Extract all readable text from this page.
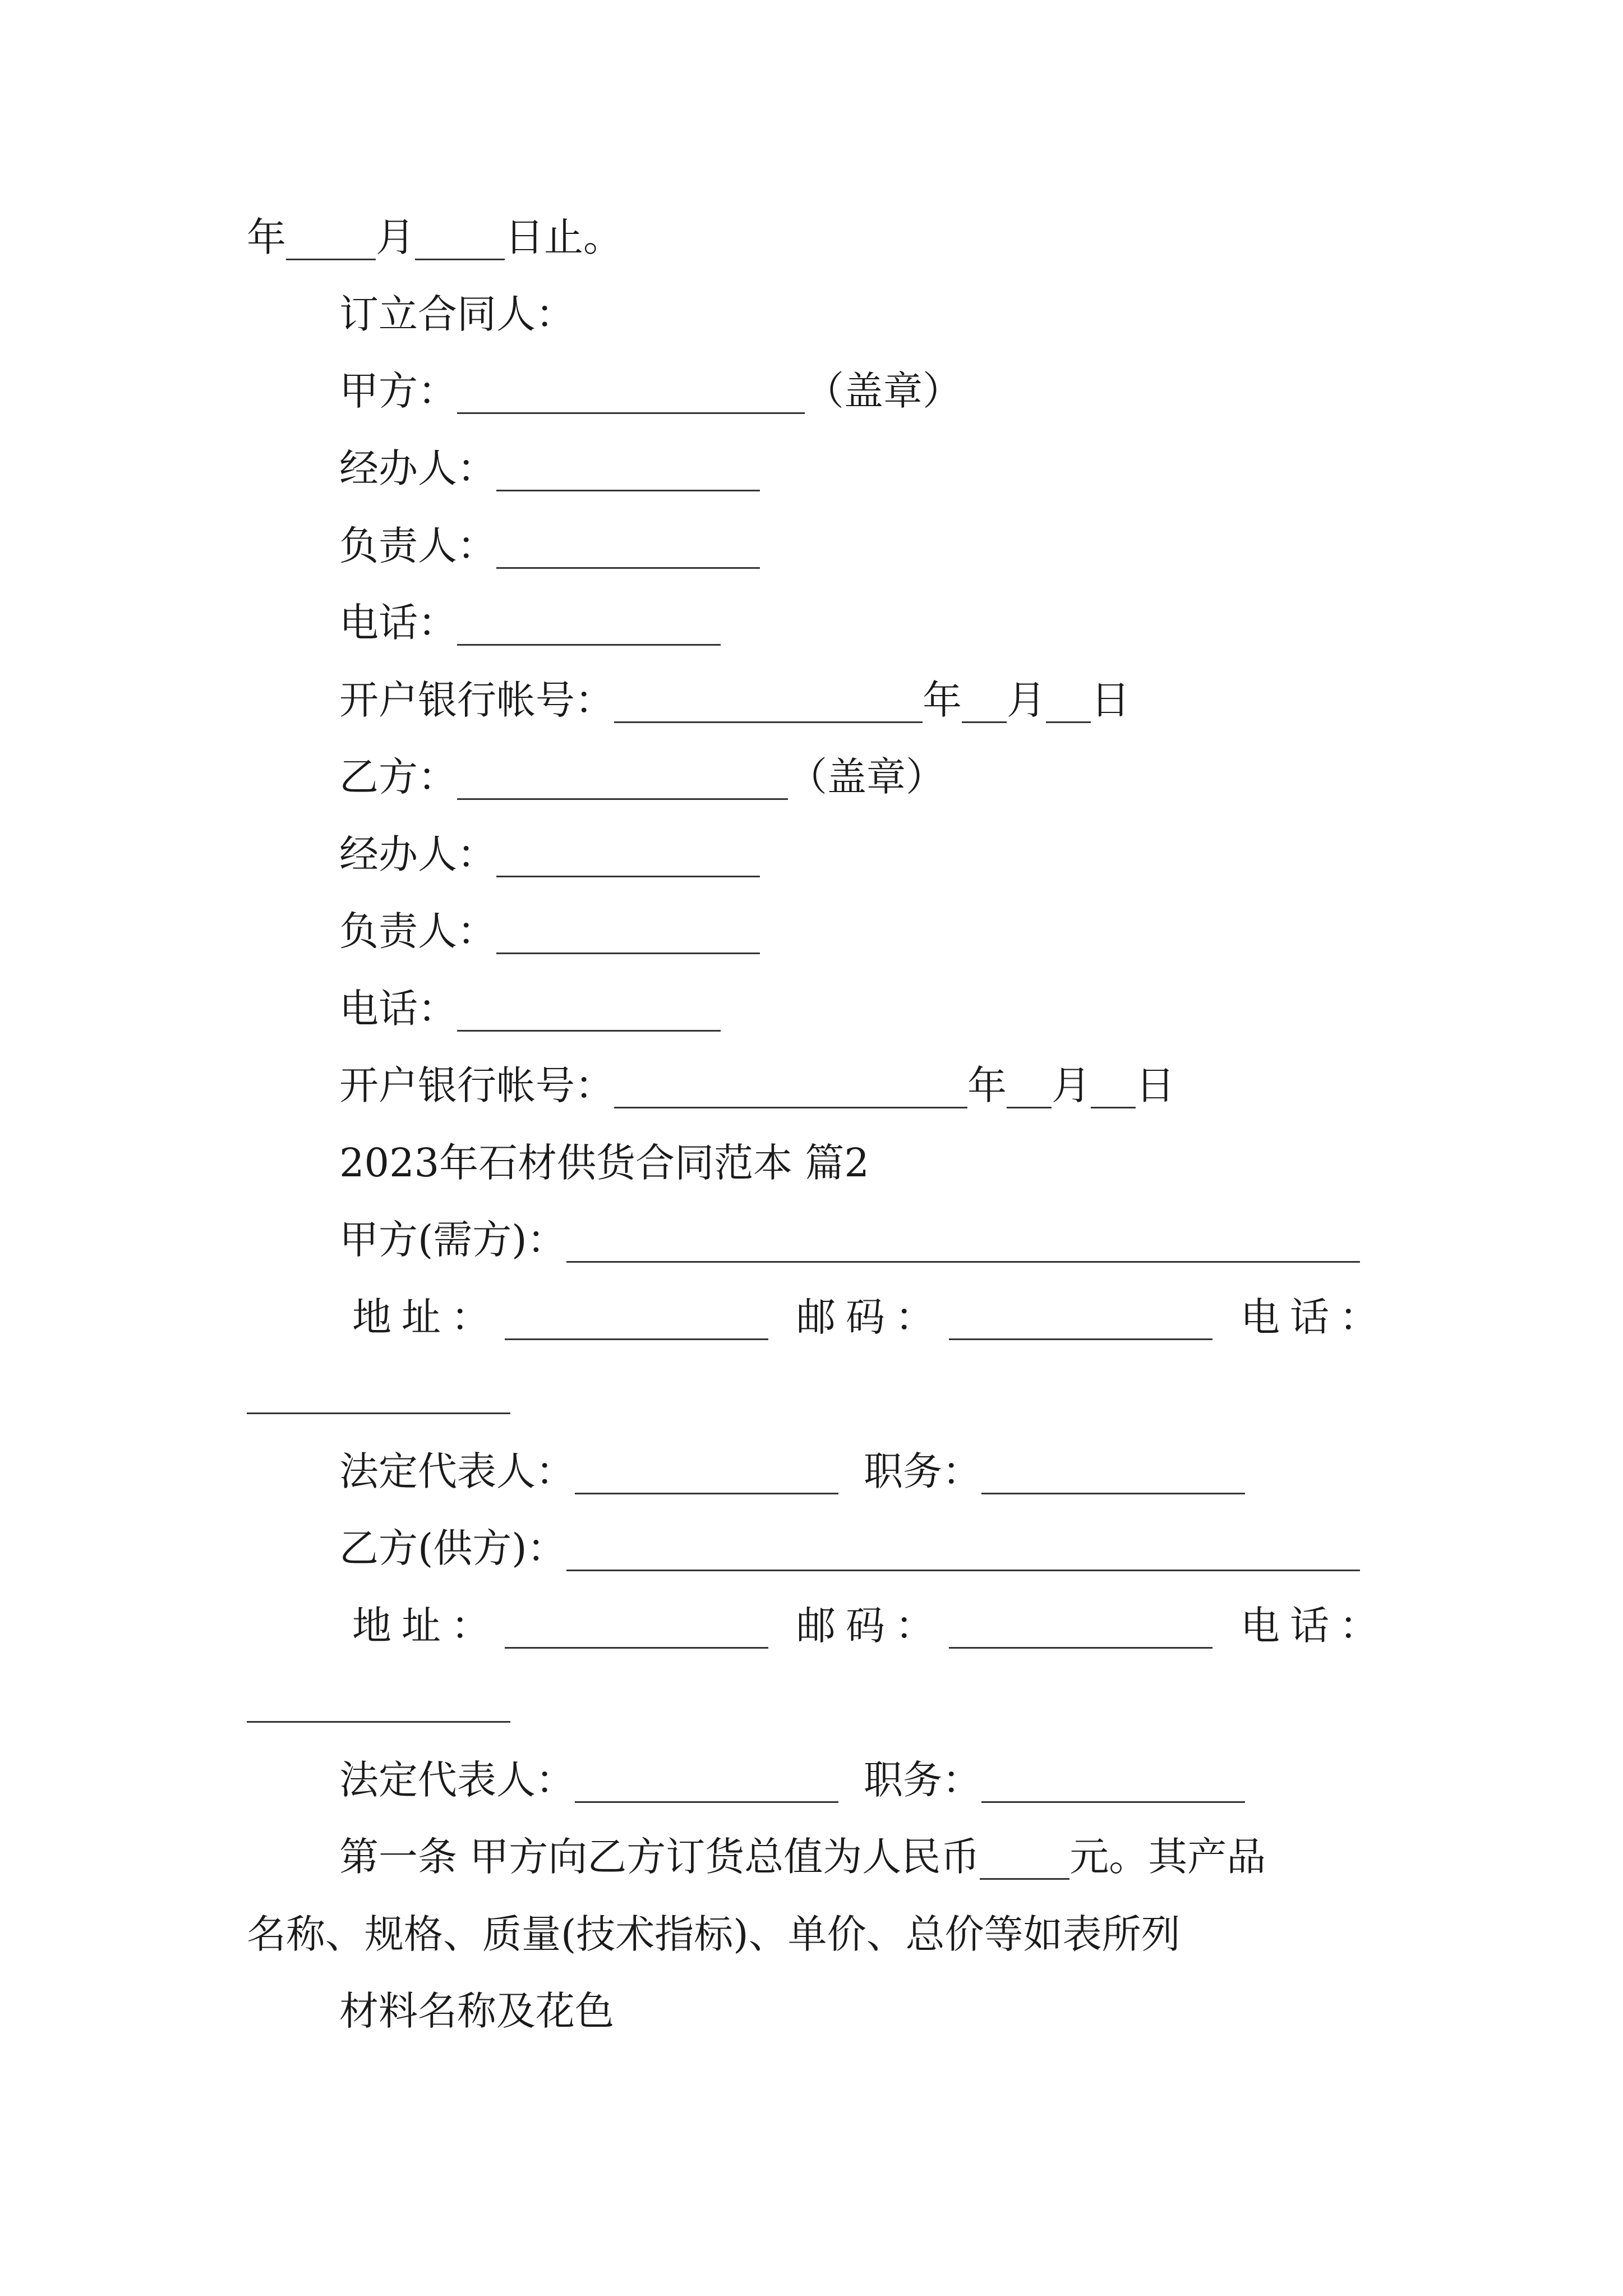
年 月 日止。
订立合同人：
甲方：	（盖章）
经办人：
负责人：
电话：
开户银行帐号：	年 月 日
乙方：	（盖章）
经办人：
负责人：
电话：
开户银行帐号：	年 月 日
2023年石材供货合同范本 篇2
甲方(需方)：
地址：	邮码：	电话：
法定代表人：	职务：
乙方(供方)：
地址：	邮码：	电话：
法定代表人：	职务：
第一条 甲方向乙方订货总值为人民币 元。其产品
名称、规格、质量(技术指标)、单价、总价等如表所列
材料名称及花色
